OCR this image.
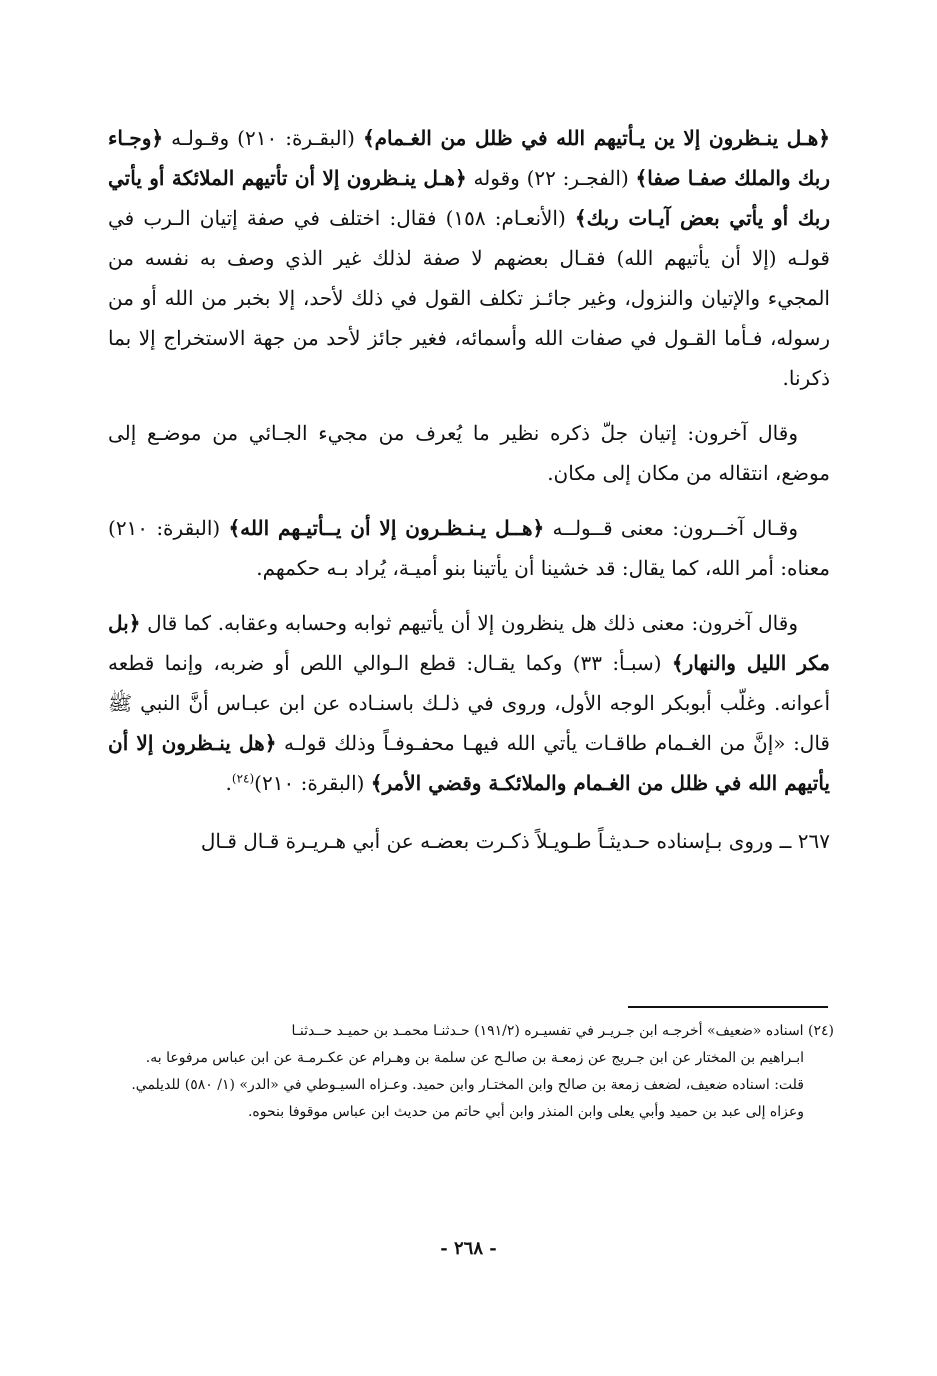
﴿هـل ينـظرون إلا ين يـأتيهم الله في ظلل من الغـمام﴾ (البقـرة: ٢١٠) وقـولـه ﴿وجـاء ربك والملك صفـا صفا﴾ (الفجـر: ٢٢) وقوله ﴿هـل ينـظرون إلا أن تأتيهم الملائكة أو يأتي ربك أو يأتي بعض آيـات ربك﴾ (الأنعـام: ١٥٨) فقال: اختلف في صفة إتيان الـرب في قولـه (إلا أن يأتيهم الله) فقـال بعضهم لا صفة لذلك غير الذي وصف به نفسه من المجيء والإتيان والنزول، وغير جائـز تكلف القول في ذلك لأحد، إلا بخبر من الله أو من رسوله، فـأما القـول في صفات الله وأسمائه، فغير جائز لأحد من جهة الاستخراج إلا بما ذكرنا.

وقال آخرون: إتيان جلّ ذكره نظير ما يُعرف من مجيء الجـائي من موضـع إلى موضع، انتقاله من مكان إلى مكان.

وقـال آخــرون: معنى قــولــه ﴿هــل يـنـظـرون إلا أن يــأتيـهم الله﴾ (البقرة: ٢١٠) معناه: أمر الله، كما يقال: قد خشينا أن يأتينا بنو أميـة، يُراد بـه حكمهم.

وقال آخرون: معنى ذلك هل ينظرون إلا أن يأتيهم ثوابه وحسابه وعقابه. كما قال ﴿بل مكر الليل والنهار﴾ (سبـأ: ٣٣) وكما يقـال: قطع الـوالي اللص أو ضربه، وإنما قطعه أعوانه. وغلّب أبوبكر الوجه الأول، وروى في ذلـك باسنـاده عن ابن عبـاس أنَّ النبي ﷺ قال: «إنَّ من الغـمام طاقـات يأتي الله فيهـا محفـوفـاً وذلك قولـه ﴿هل ينـظرون إلا أن يأتيهم الله في ظلل من الغـمام والملائكـة وقضي الأمر﴾ (البقرة: ٢١٠)$^{(٢٤)}$.

٢٦٧ ــ وروى بـإسناده حـديثـاً طـويـلاً ذكـرت بعضـه عن أبي هـريـرة قـال قـال

(٢٤) اسناده «ضعيف» أخرجـه ابن جـريـر في تفسيـره (١٩١/٢) حـدثنـا محمـد بن حميـد حــدثنـا

ابـراهيم بن المختار عن ابن جـريج عن زمعـة بن صالـح عن سلمة بن وهـرام عن عكـرمـة عن ابن عباس مرفوعا به.

قلت: اسناده ضعيف، لضعف زمعة بن صالح وابن المختـار وابن حميد. وعـزاه السيـوطي في «الدر» (١/ ٥٨٠) للديلمي.

وعزاه إلى عبد بن حميد وأبي يعلى وابن المنذر وابن أبي حاتم من حديث ابن عباس موقوفا بنحوه.

- ٢٦٨ -
